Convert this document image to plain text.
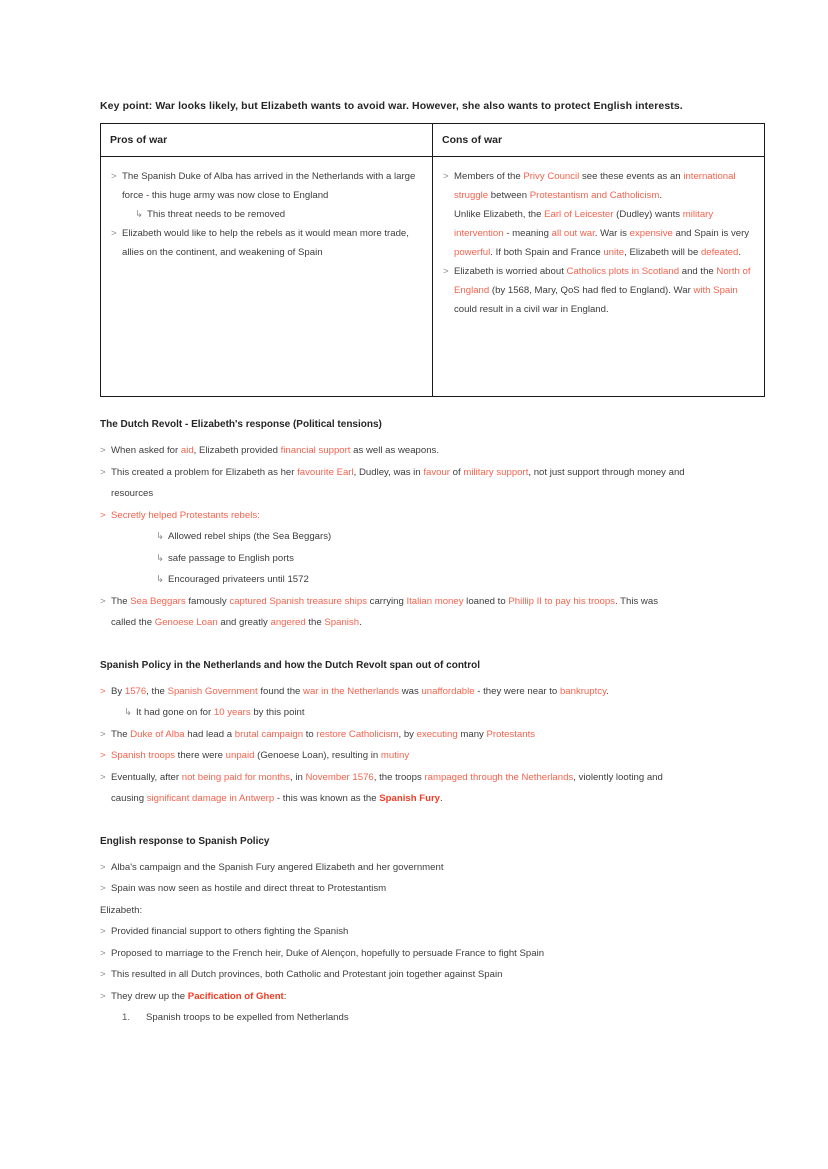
Key point: War looks likely, but Elizabeth wants to avoid war. However, she also wants to protect English interests.
Pros of war	Cons of war

> The Spanish Duke of Alba has arrived in the Netherlands with a large force - this huge army was now close to England
↳ This threat needs to be removed
> Elizabeth would like to help the rebels as it would mean more trade, allies on the continent, and weakening of Spain

> Members of the Privy Council see these events as an international struggle between Protestantism and Catholicism.
Unlike Elizabeth, the Earl of Leicester (Dudley) wants military intervention - meaning all out war. War is expensive and Spain is very powerful. If both Spain and France unite, Elizabeth will be defeated.
> Elizabeth is worried about Catholics plots in Scotland and the North of England (by 1568, Mary, QoS had fled to England). War with Spain could result in a civil war in England.
The Dutch Revolt - Elizabeth's response (Political tensions)
> When asked for aid, Elizabeth provided financial support as well as weapons.
> This created a problem for Elizabeth as her favourite Earl, Dudley, was in favour of military support, not just support through money and resources
> Secretly helped Protestants rebels:
↳ Allowed rebel ships (the Sea Beggars)
↳ safe passage to English ports
↳ Encouraged privateers until 1572
> The Sea Beggars famously captured Spanish treasure ships carrying Italian money loaned to Phillip II to pay his troops. This was
called the Genoese Loan and greatly angered the Spanish.
Spanish Policy in the Netherlands and how the Dutch Revolt span out of control
> By 1576, the Spanish Government found the war in the Netherlands was unaffordable - they were near to bankruptcy.
↳ It had gone on for 10 years by this point
> The Duke of Alba had lead a brutal campaign to restore Catholicism, by executing many Protestants
> Spanish troops there were unpaid (Genoese Loan), resulting in mutiny
> Eventually, after not being paid for months, in November 1576, the troops rampaged through the Netherlands, violently looting and
causing significant damage in Antwerp - this was known as the Spanish Fury.
English response to Spanish Policy
> Alba's campaign and the Spanish Fury angered Elizabeth and her government
> Spain was now seen as hostile and direct threat to Protestantism
Elizabeth:
> Provided financial support to others fighting the Spanish
> Proposed to marriage to the French heir, Duke of Alençon, hopefully to persuade France to fight Spain
> This resulted in all Dutch provinces, both Catholic and Protestant join together against Spain
> They drew up the Pacification of Ghent:
1. Spanish troops to be expelled from Netherlands
